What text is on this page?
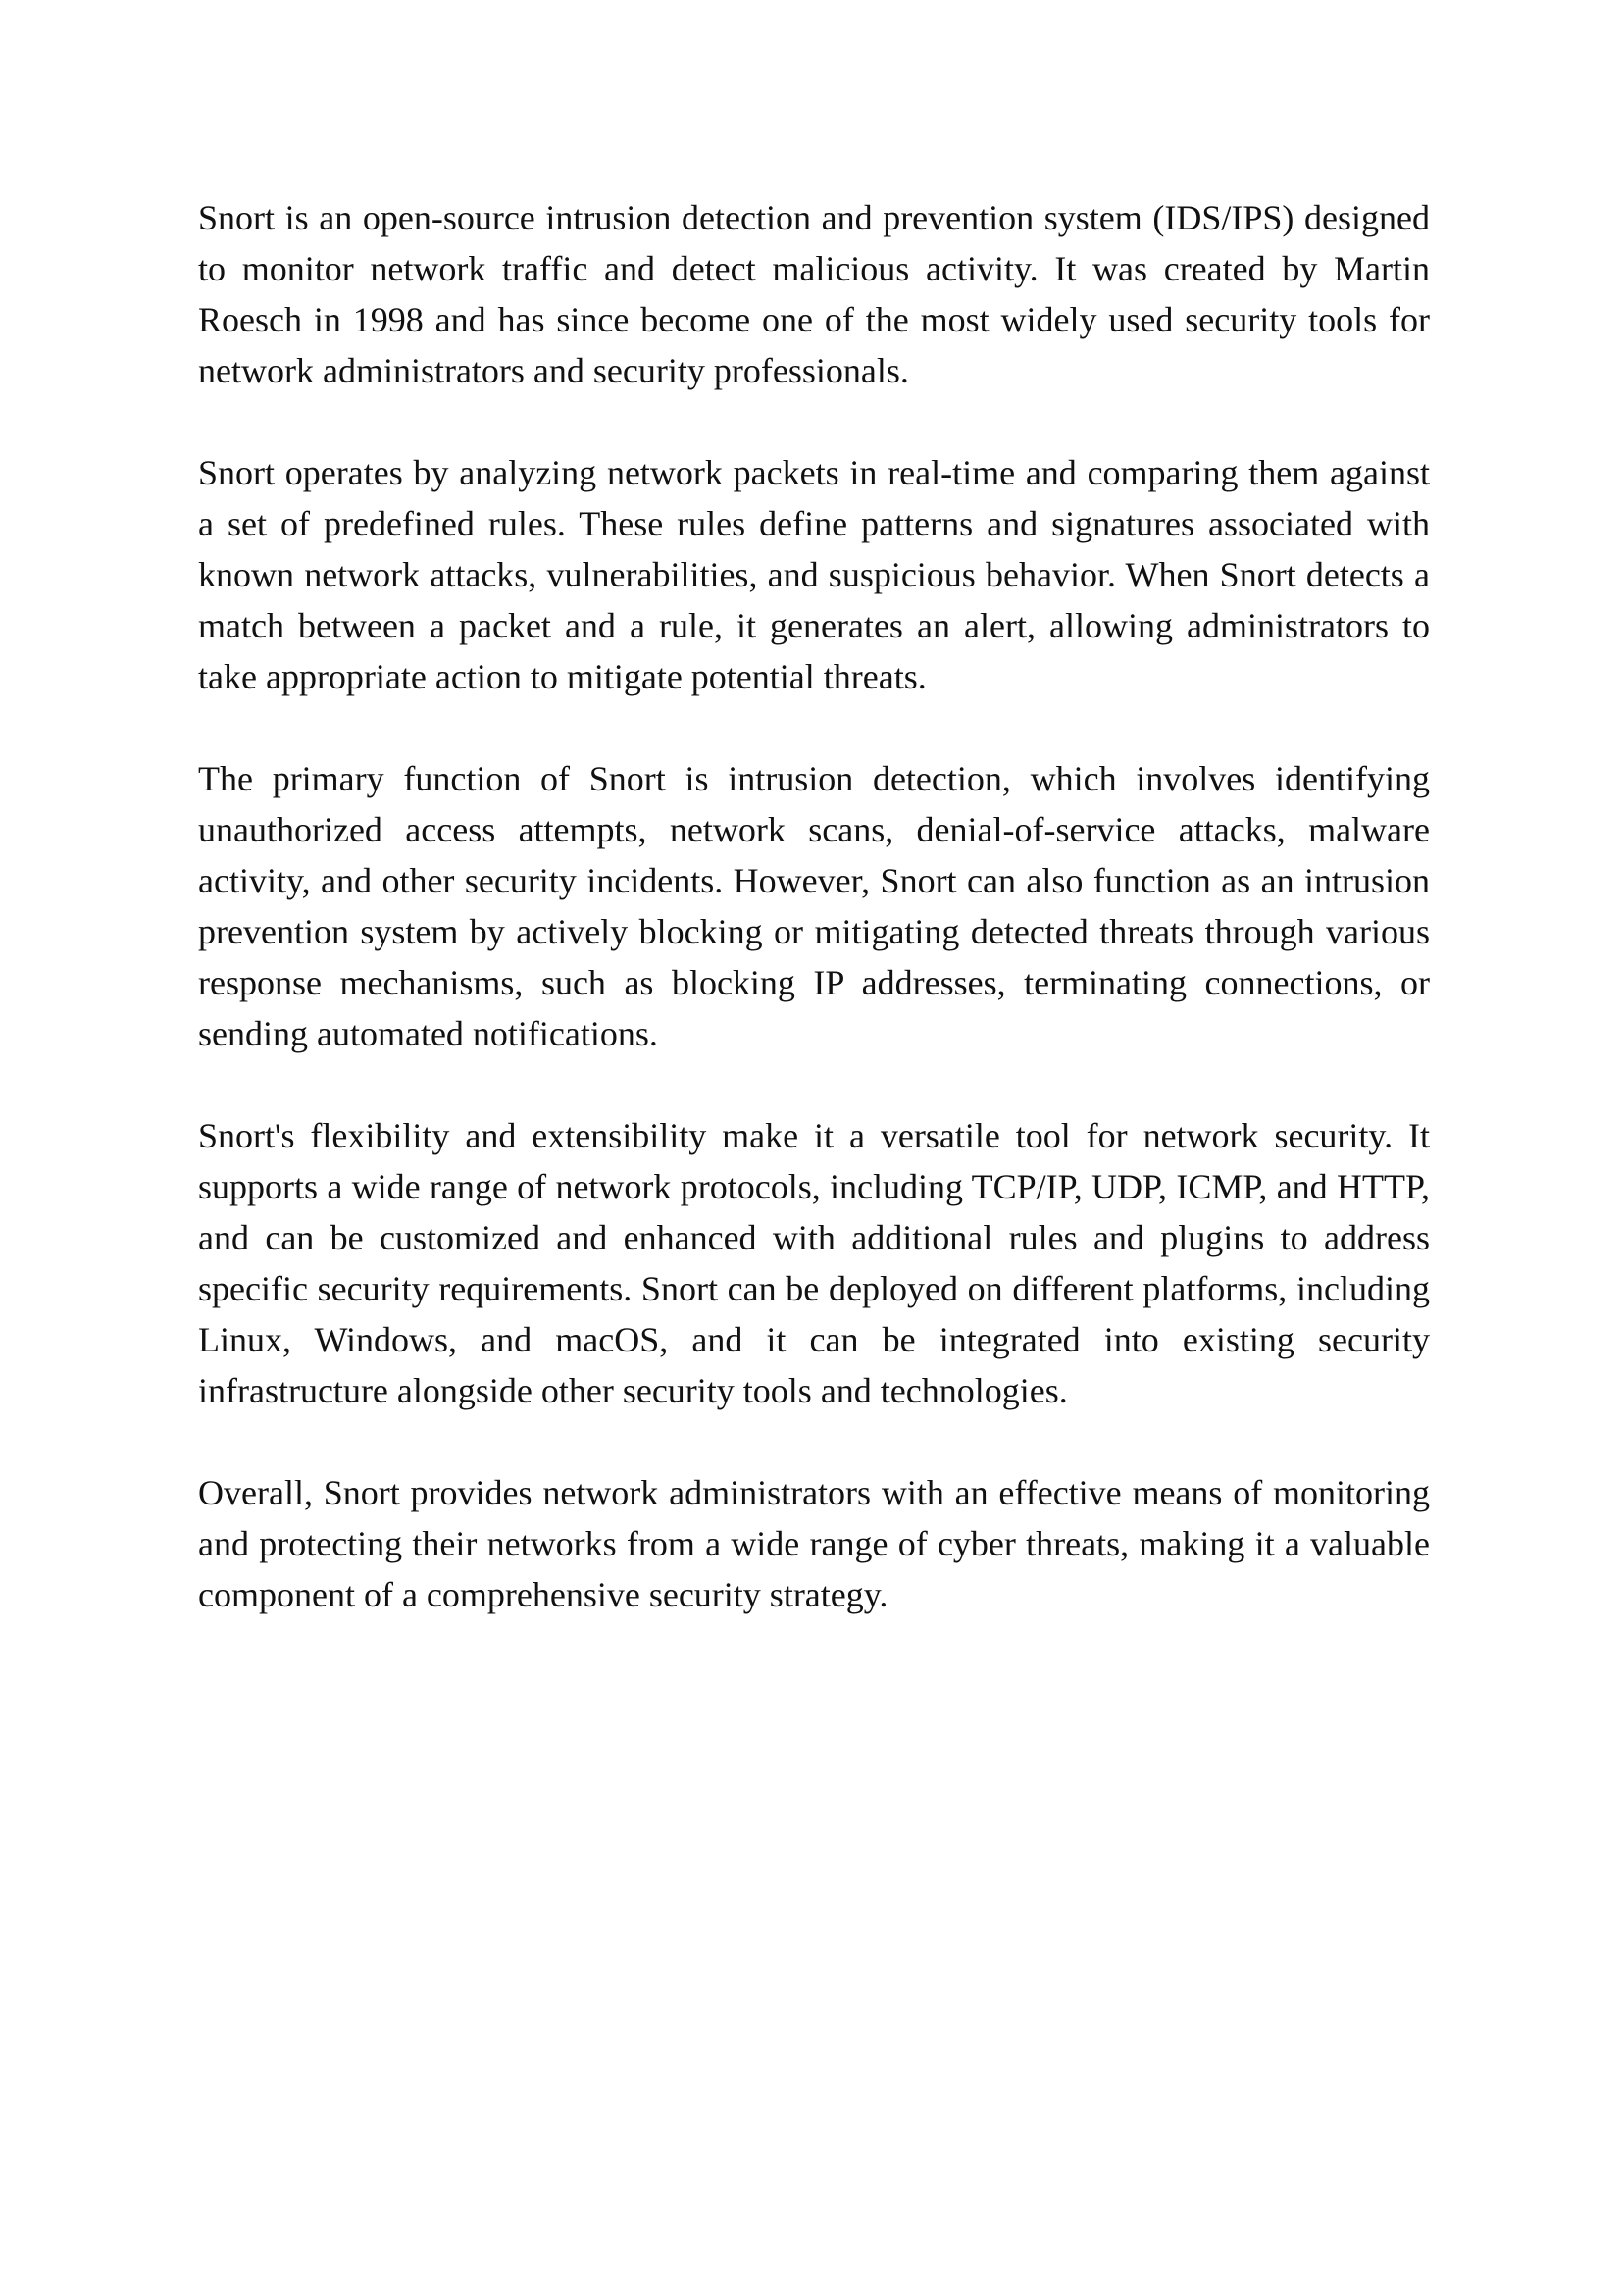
Snort is an open-source intrusion detection and prevention system (IDS/IPS) designed to monitor network traffic and detect malicious activity. It was created by Martin Roesch in 1998 and has since become one of the most widely used security tools for network administrators and security professionals.

Snort operates by analyzing network packets in real-time and comparing them against a set of predefined rules. These rules define patterns and signatures associated with known network attacks, vulnerabilities, and suspicious behavior. When Snort detects a match between a packet and a rule, it generates an alert, allowing administrators to take appropriate action to mitigate potential threats.

The primary function of Snort is intrusion detection, which involves identifying unauthorized access attempts, network scans, denial-of-service attacks, malware activity, and other security incidents. However, Snort can also function as an intrusion prevention system by actively blocking or mitigating detected threats through various response mechanisms, such as blocking IP addresses, terminating connections, or sending automated notifications.

Snort's flexibility and extensibility make it a versatile tool for network security. It supports a wide range of network protocols, including TCP/IP, UDP, ICMP, and HTTP, and can be customized and enhanced with additional rules and plugins to address specific security requirements. Snort can be deployed on different platforms, including Linux, Windows, and macOS, and it can be integrated into existing security infrastructure alongside other security tools and technologies.

Overall, Snort provides network administrators with an effective means of monitoring and protecting their networks from a wide range of cyber threats, making it a valuable component of a comprehensive security strategy.
